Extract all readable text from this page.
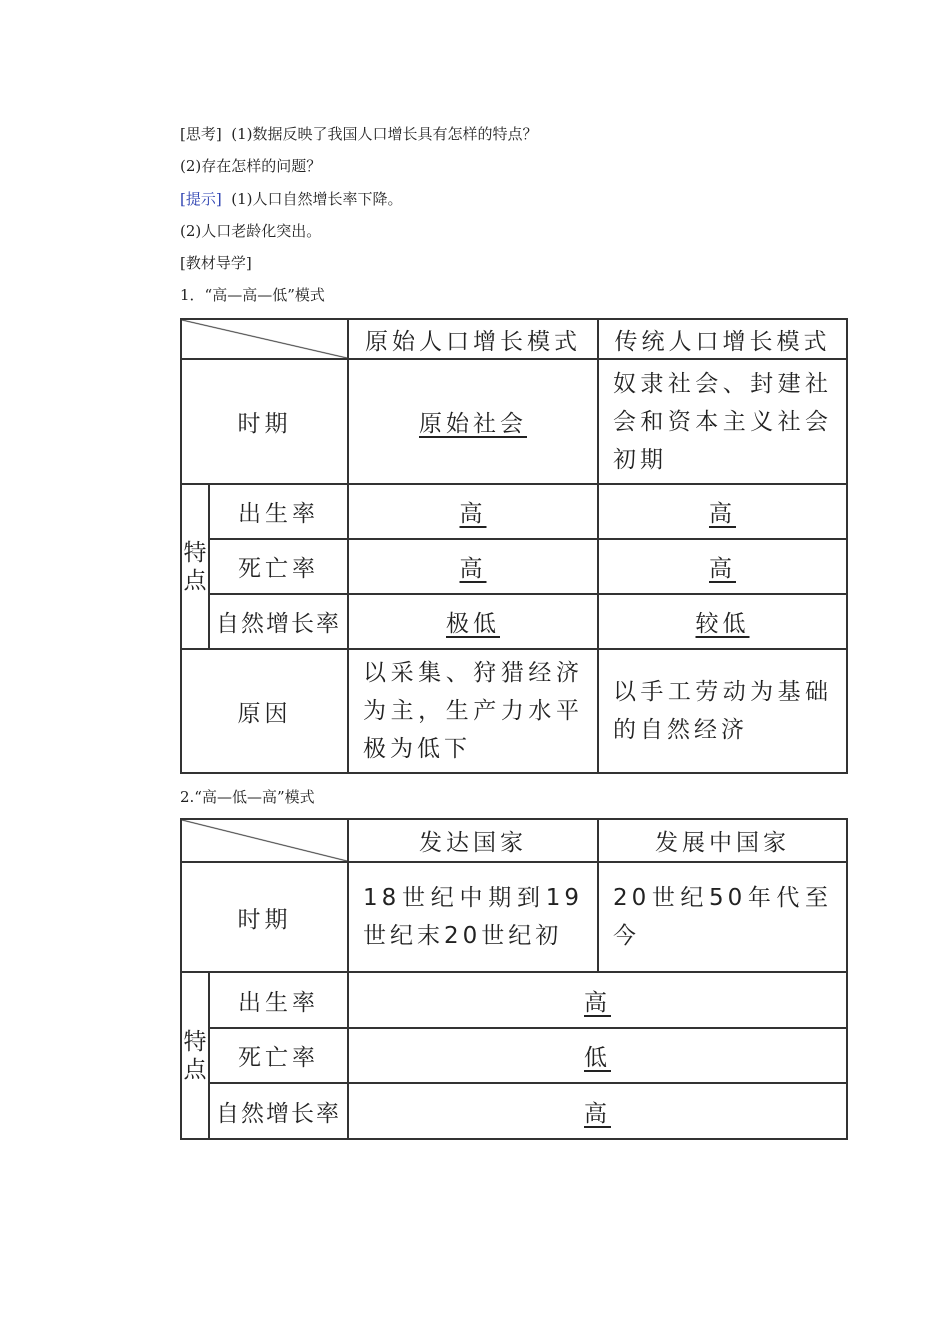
[思考] (1)数据反映了我国人口增长具有怎样的特点？
(2)存在怎样的问题？
[提示] (1)人口自然增长率下降。
(2)人口老龄化突出。
[教材导学]
1．“高—高—低”模式
		原始人口增长模式	传统人口增长模式
时期		原始社会	奴隶社会、封建社会和资本主义社会初期

特点	出生率	高	高
	死亡率	高	高
	自然增长率	极低	较低
原因		以采集、狩猎经济为主，生产力水平极为低下	以手工劳动为基础的自然经济
2.“高—低—高”模式
		发达国家	发展中国家
时期		18世纪中期到19世纪末20世纪初	20世纪50年代至今

特点	出生率	高	
	死亡率	低	
	自然增长率	高	
